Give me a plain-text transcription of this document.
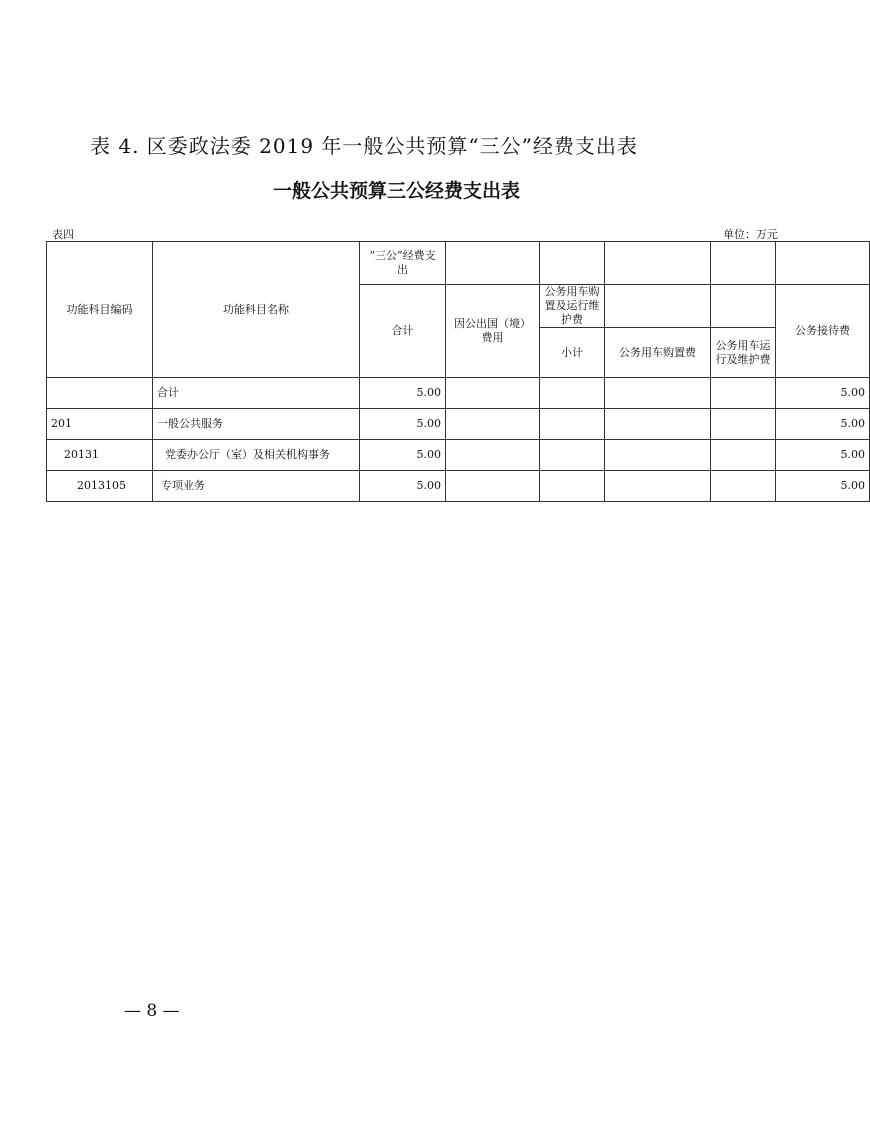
表 4. 区委政法委 2019 年一般公共预算“三公”经费支出表
一般公共预算三公经费支出表
表四	单位：万元
功能科目编码	功能科目名称	“三公”经费支出					
		合计	因公出国（境）费用	公务用车购置及运行维护费			公务接待费
				小计	公务用车购置费	公务用车运行及维护费	
	合计	5.00					5.00
201	一般公共服务	5.00					5.00
20131	党委办公厅（室）及相关机构事务	5.00					5.00
2013105	专项业务	5.00					5.00
— 8 —
